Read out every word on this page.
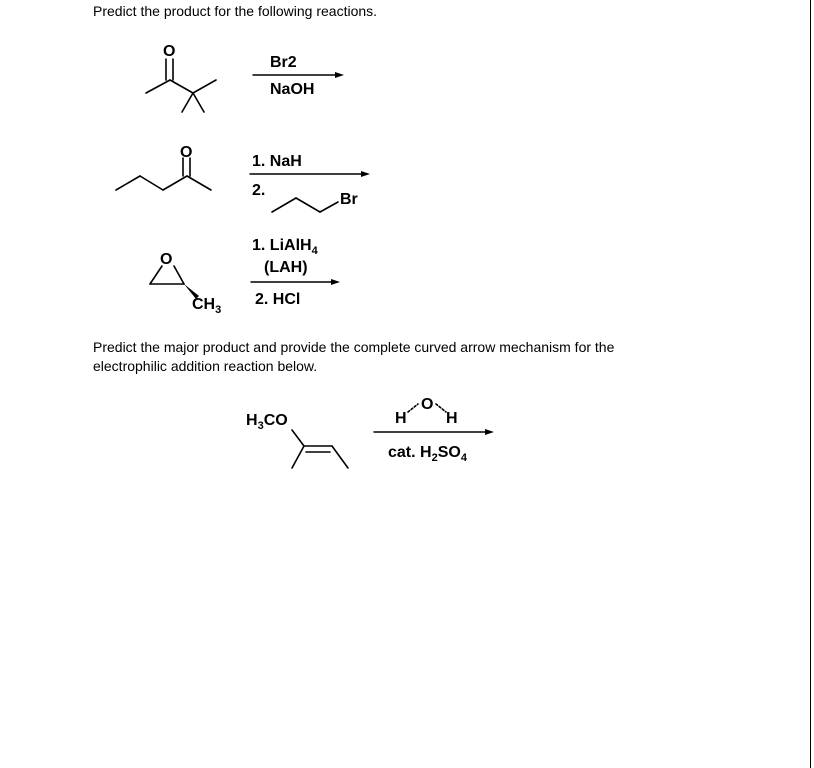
Predict the product for the following reactions.

O
Br2
NaOH
O
1. NaH
2.
Br
O
$CH_3$
1. LiAlH$_4$
(LAH)
2. HCl
$H_3CO$	H
O
H
cat. $H_2SO_4$
Predict the major product and provide the complete curved arrow mechanism for the
electrophilic addition reaction below.
